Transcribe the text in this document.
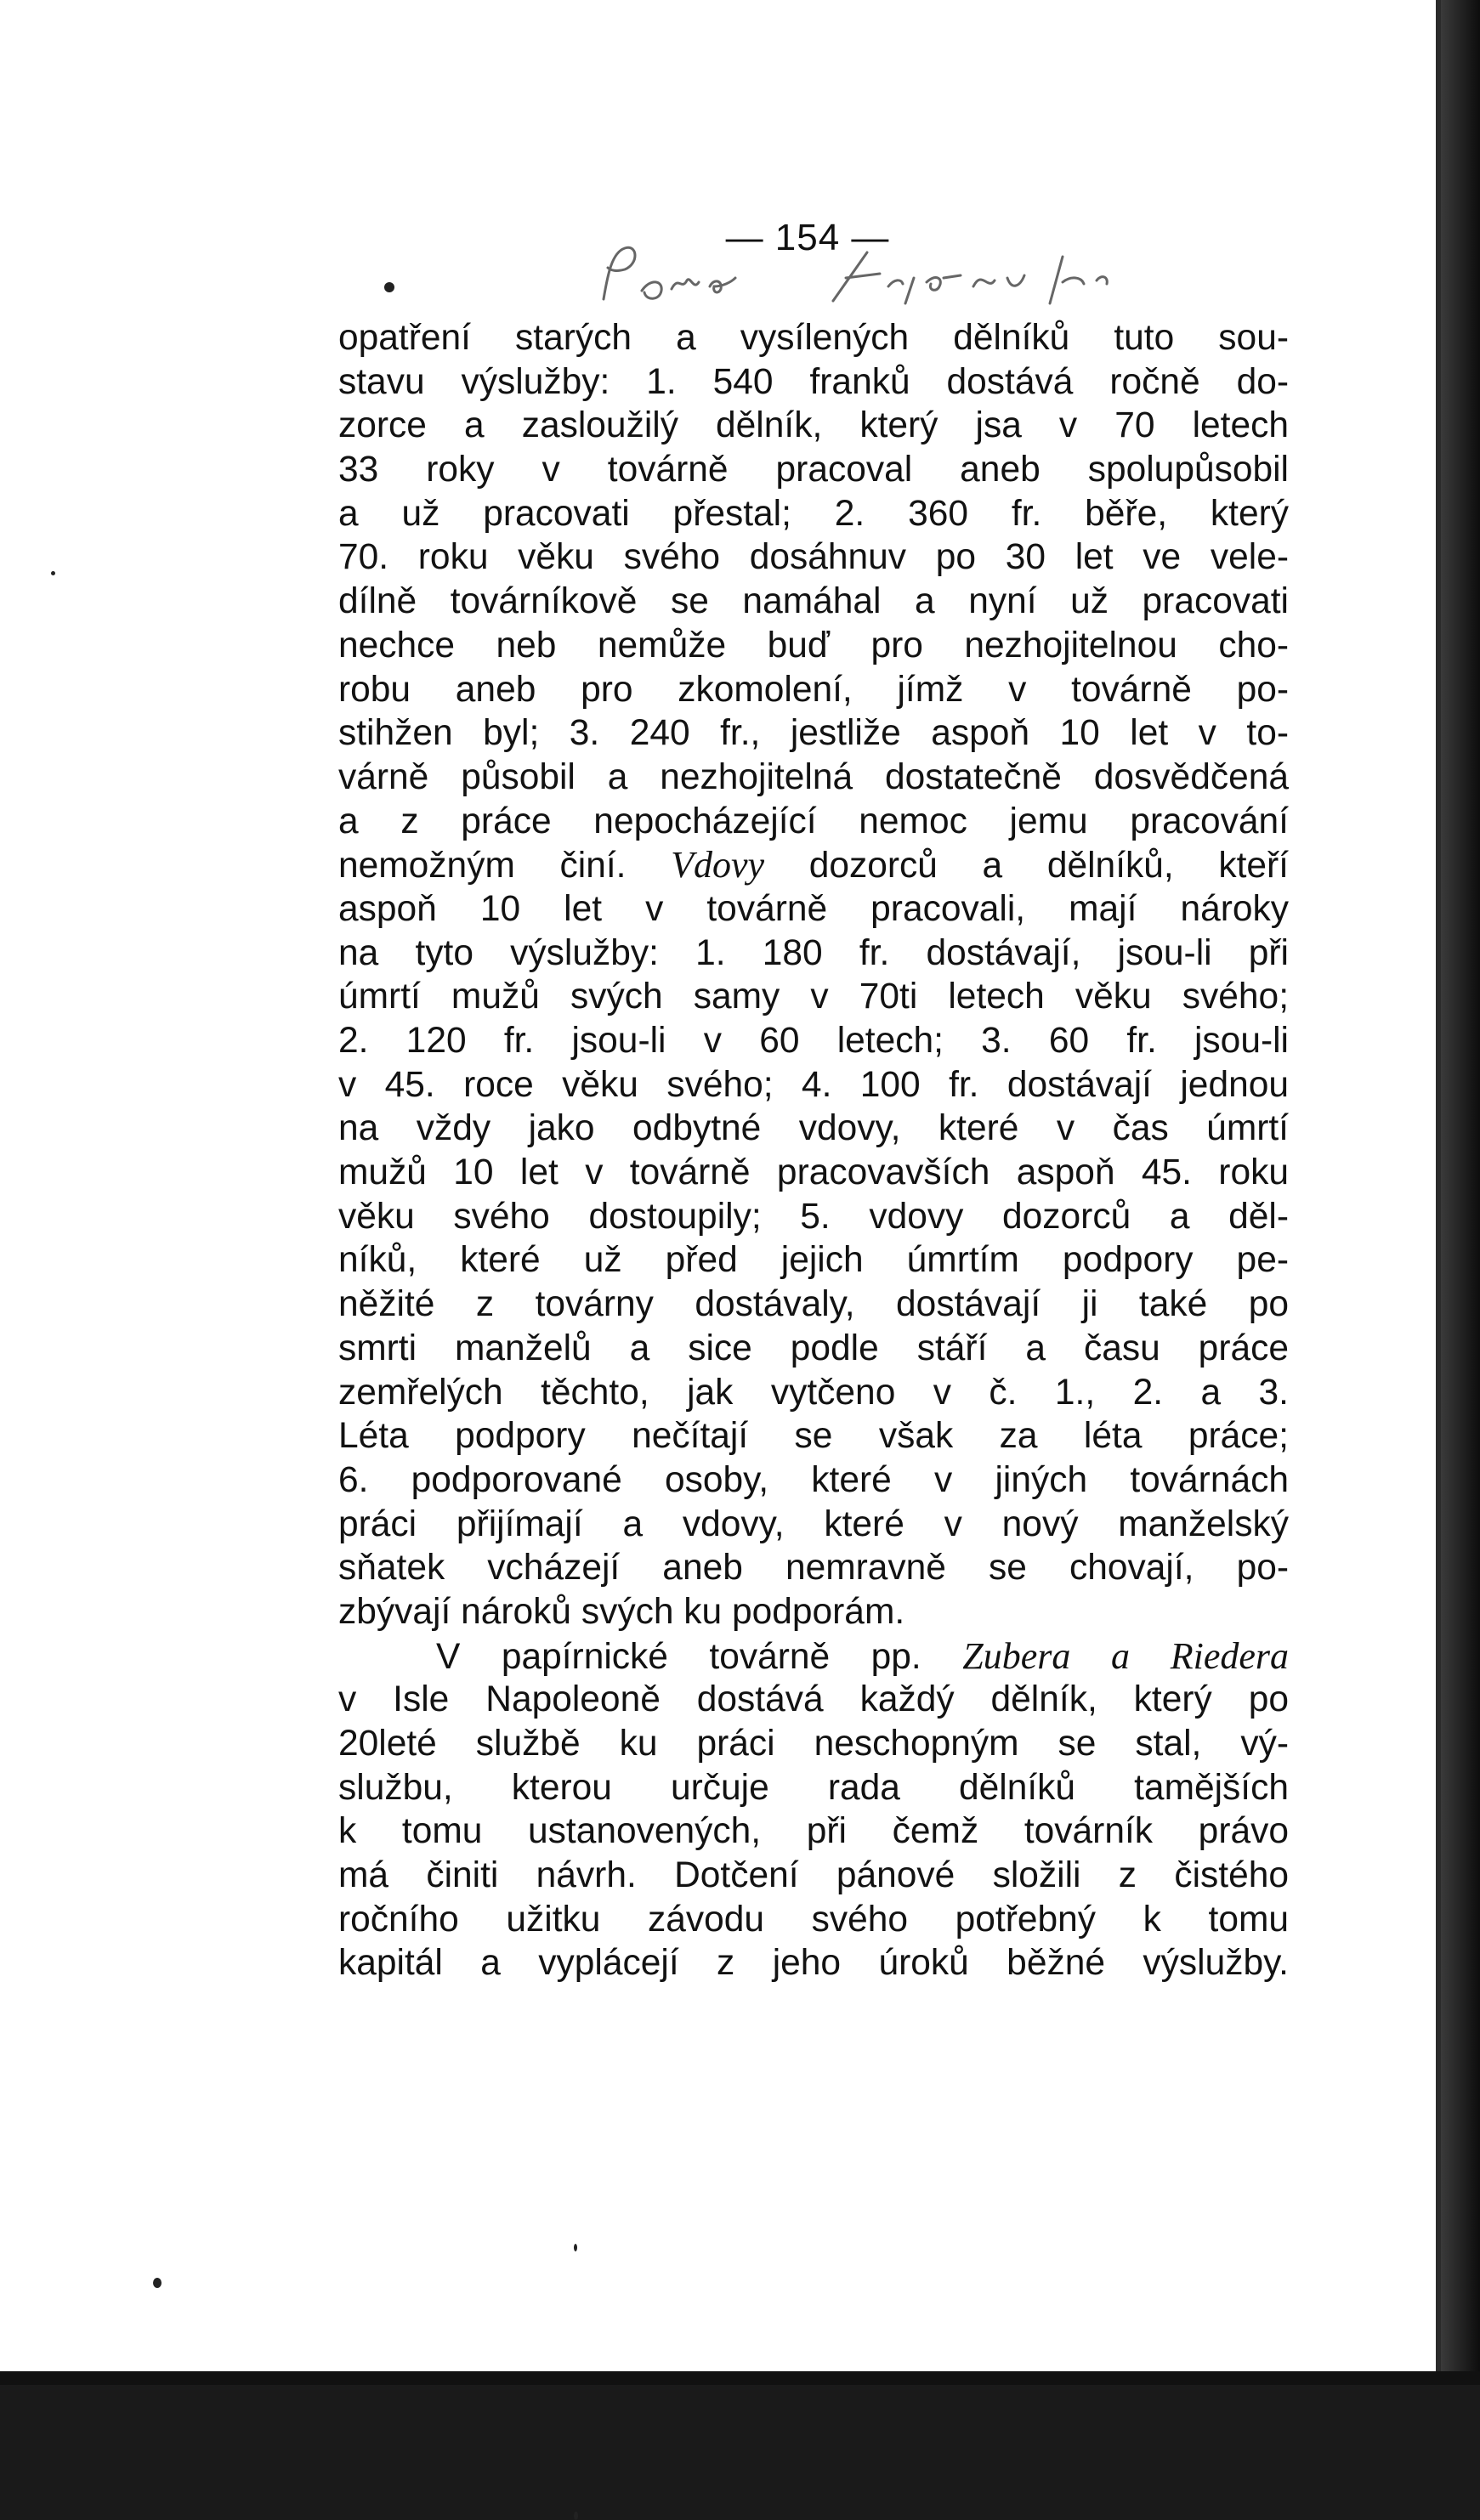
— 154 —
Pomoc továrník
opatření starých a vysílených dělníků tuto sou-
stavu výslužby: 1. 540 franků dostává ročně do-
zorce a zasloužilý dělník, který jsa v 70 letech
33 roky v továrně pracoval aneb spolupůsobil
a už pracovati přestal; 2. 360 fr. běře, který
70. roku věku svého dosáhnuv po 30 let ve vele-
dílně továrníkově se namáhal a nyní už pracovati
nechce neb nemůže buď pro nezhojitelnou cho-
robu aneb pro zkomolení, jímž v továrně po-
stihžen byl; 3. 240 fr., jestliže aspoň 10 let v to-
várně působil a nezhojitelná dostatečně dosvědčená
a z práce nepocházející nemoc jemu pracování
nemožným činí. Vdovy dozorců a dělníků, kteří
aspoň 10 let v továrně pracovali, mají nároky
na tyto výslužby: 1. 180 fr. dostávají, jsou-li při
úmrtí mužů svých samy v 70ti letech věku svého;
2. 120 fr. jsou-li v 60 letech; 3. 60 fr. jsou-li
v 45. roce věku svého; 4. 100 fr. dostávají jednou
na vždy jako odbytné vdovy, které v čas úmrtí
mužů 10 let v továrně pracovavších aspoň 45. roku
věku svého dostoupily; 5. vdovy dozorců a děl-
níků, které už před jejich úmrtím podpory pe-
něžité z továrny dostávaly, dostávají ji také po
smrti manželů a sice podle stáří a času práce
zemřelých těchto, jak vytčeno v č. 1., 2. a 3.
Léta podpory nečítají se však za léta práce;
6. podporované osoby, které v jiných továrnách
práci přijímají a vdovy, které v nový manželský
sňatek vcházejí aneb nemravně se chovají, po-
zbývají nároků svých ku podporám.
V papírnické továrně pp. Zubera a Riedera
v Isle Napoleoně dostává každý dělník, který po
20leté službě ku práci neschopným se stal, vý-
službu, kterou určuje rada dělníků tamějších
k tomu ustanovených, při čemž továrník právo
má činiti návrh. Dotčení pánové složili z čistého
ročního užitku závodu svého potřebný k tomu
kapitál a vyplácejí z jeho úroků běžné výslužby.
